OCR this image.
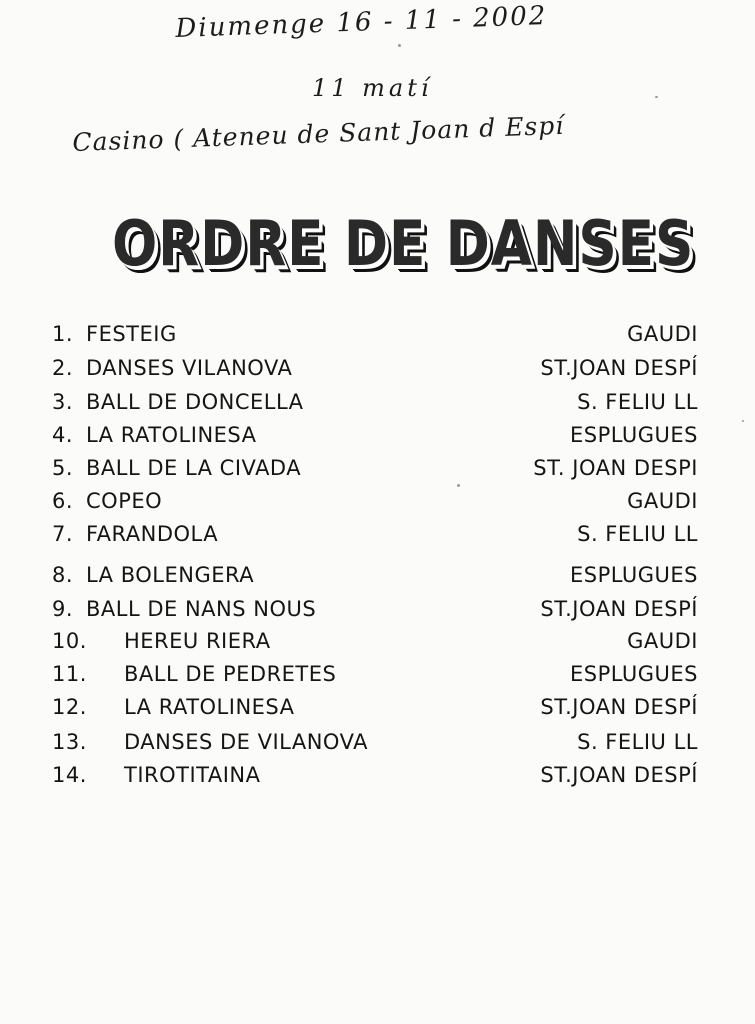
Diumenge 16 - 11 - 2002
11 matí
Casino ( Ateneu de Sant Joan d Espí
ORDRE DE DANSES
1. FESTEIG	GAUDI
2. DANSES VILANOVA	ST.JOAN DESPÍ
3. BALL DE DONCELLA	S. FELIU LL
4. LA RATOLINESA	ESPLUGUES
5. BALL DE LA CIVADA	ST. JOAN DESPI
6. COPEO	GAUDI
7. FARANDOLA	S. FELIU LL
8. LA BOLENGERA	ESPLUGUES
9. BALL DE NANS NOUS	ST.JOAN DESPÍ
10. HEREU RIERA	GAUDI
11. BALL DE PEDRETES	ESPLUGUES
12. LA RATOLINESA	ST.JOAN DESPÍ
13. DANSES DE VILANOVA	S. FELIU LL
14. TIROTITAINA	ST.JOAN DESPÍ
